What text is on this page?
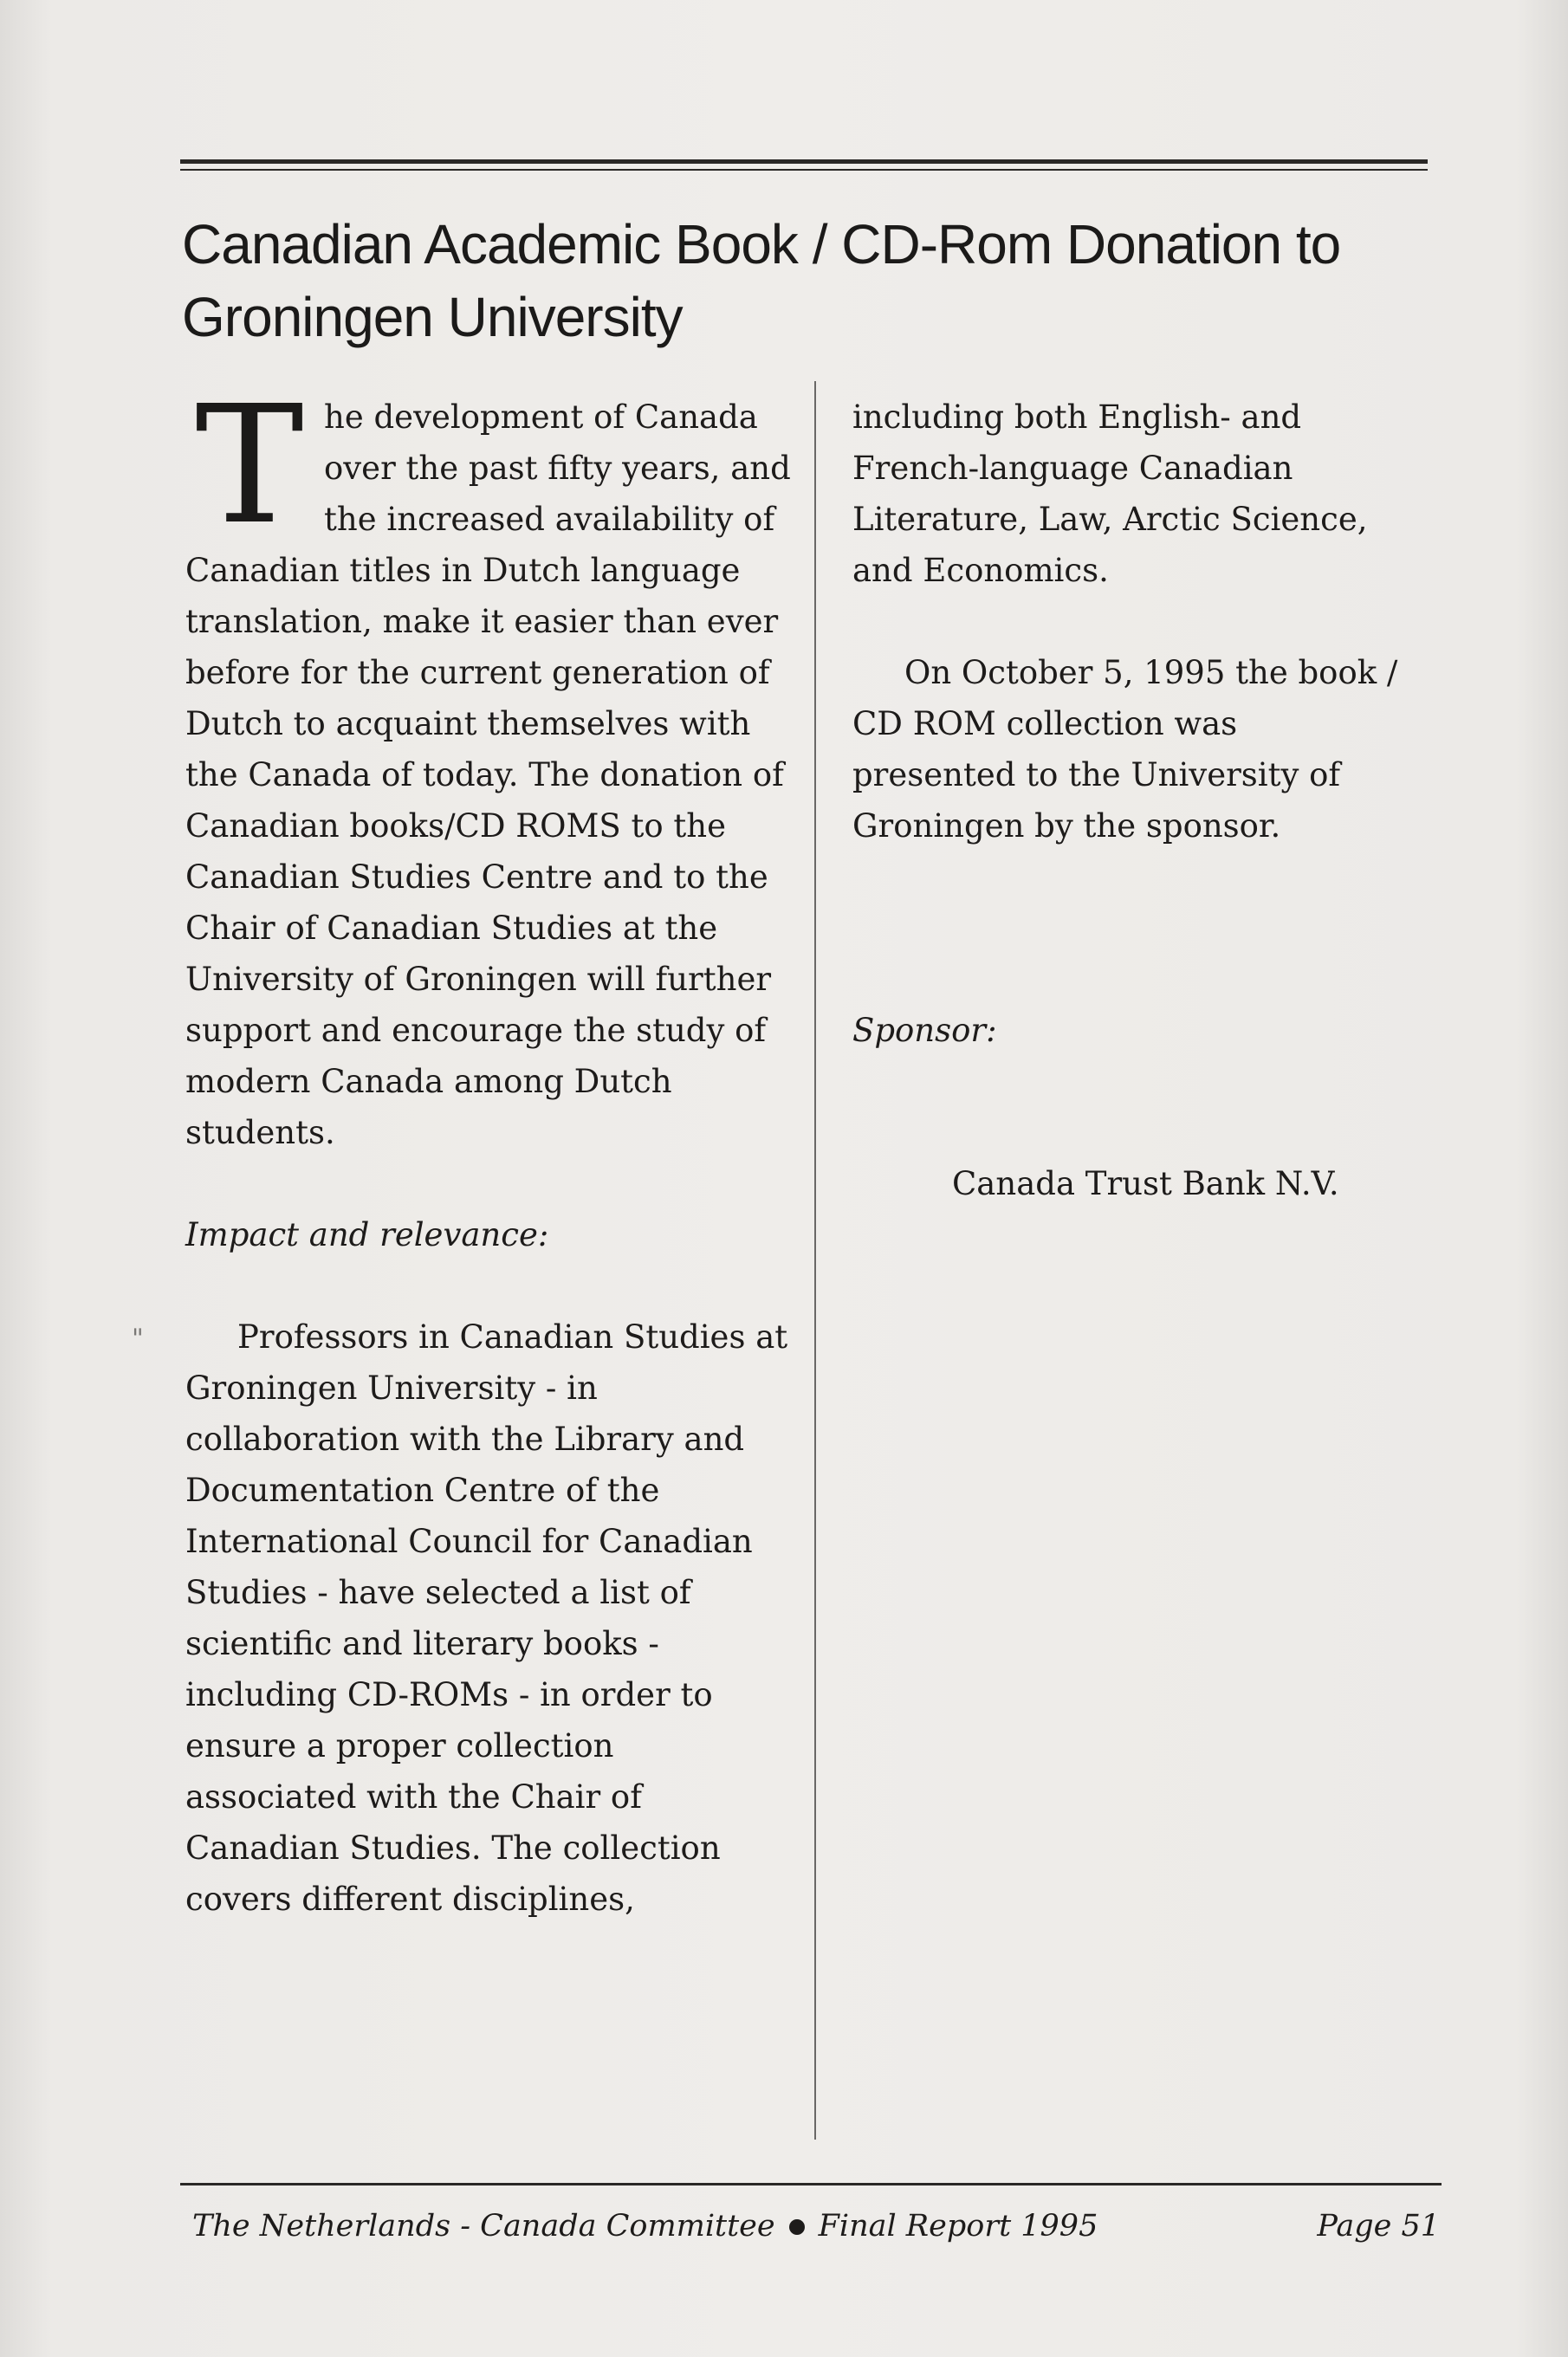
Canadian Academic Book / CD-Rom Donation to Groningen University
"

The development of Canada over the past fifty years, and the increased availability of Canadian titles in Dutch language translation, make it easier than ever before for the current generation of Dutch to acquaint themselves with the Canada of today. The donation of Canadian books/CD ROMS to the Canadian Studies Centre and to the Chair of Canadian Studies at the University of Groningen will further support and encourage the study of modern Canada among Dutch students.

Impact and relevance:

Professors in Canadian Studies at Groningen University - in collaboration with the Library and Documentation Centre of the International Council for Canadian Studies - have selected a list of scientific and literary books - including CD-ROMs - in order to ensure a proper collection associated with the Chair of Canadian Studies. The collection covers different disciplines,

including both English- and French-language Canadian Literature, Law, Arctic Science, and Economics.

On October 5, 1995 the book / CD ROM collection was presented to the University of Groningen by the sponsor.

Sponsor:

Canada Trust Bank N.V.

The Netherlands - Canada Committee Final Report 1995	Page 51
